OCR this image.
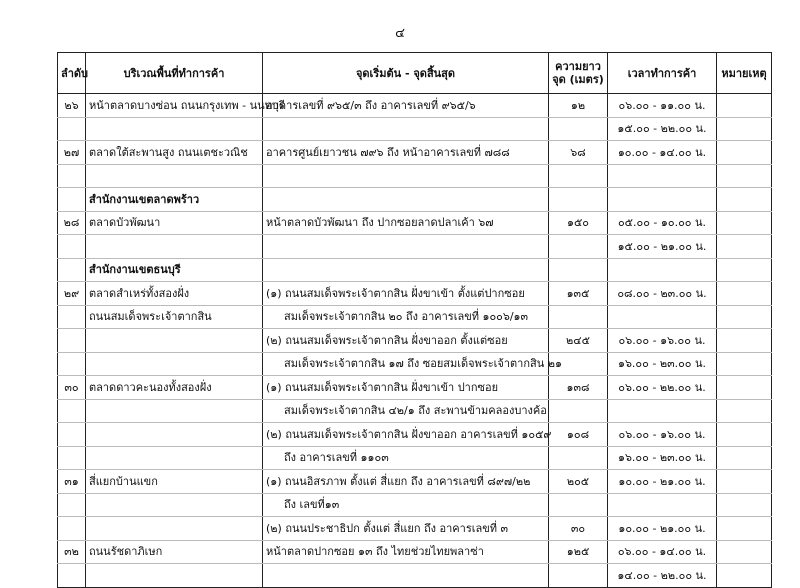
๔
ลำดับ	บริเวณพื้นที่ทำการค้า	จุดเริ่มต้น - จุดสิ้นสุด	ความยาวจุด (เมตร)	เวลาทำการค้า	หมายเหตุ
๒๖	หน้าตลาดบางซ่อน ถนนกรุงเทพ - นนทบุรี	อาคารเลขที่ ๙๖๕/๓ ถึง อาคารเลขที่ ๙๖๕/๖	๑๒	๐๖.๐๐ - ๑๑.๐๐ น.	
				๑๕.๐๐ - ๒๒.๐๐ น.	
๒๗	ตลาดใต้สะพานสูง ถนนเตชะวณิช	อาคารศูนย์เยาวชน ๗๙๖ ถึง หน้าอาคารเลขที่ ๗๘๘	๖๘	๑๐.๐๐ - ๑๔.๐๐ น.	

	สำนักงานเขตลาดพร้าว				
๒๘	ตลาดบัวพัฒนา	หน้าตลาดบัวพัฒนา ถึง ปากซอยลาดปลาเค้า ๖๗	๑๕๐	๐๕.๐๐ - ๑๐.๐๐ น.	
				๑๕.๐๐ - ๒๑.๐๐ น.	
	สำนักงานเขตธนบุรี				
๒๙	ตลาดสำเหร่ทั้งสองฝั่ง	(๑) ถนนสมเด็จพระเจ้าตากสิน ฝั่งขาเข้า ตั้งแต่ปากซอย	๑๓๕	๐๘.๐๐ - ๒๓.๐๐ น.	
	ถนนสมเด็จพระเจ้าตากสิน	สมเด็จพระเจ้าตากสิน ๒๐ ถึง อาคารเลขที่ ๑๐๐๖/๑๓			
		(๒) ถนนสมเด็จพระเจ้าตากสิน ฝั่งขาออก ตั้งแต่ซอย	๒๔๕	๐๖.๐๐ - ๑๖.๐๐ น.	
		สมเด็จพระเจ้าตากสิน ๑๗ ถึง ซอยสมเด็จพระเจ้าตากสิน ๒๑		๑๖.๐๐ - ๒๓.๐๐ น.	
๓๐	ตลาดดาวคะนองทั้งสองฝั่ง	(๑) ถนนสมเด็จพระเจ้าตากสิน ฝั่งขาเข้า ปากซอย	๑๓๘	๐๖.๐๐ - ๒๒.๐๐ น.	
		สมเด็จพระเจ้าตากสิน ๔๒/๑ ถึง สะพานข้ามคลองบางค้อ			
		(๒) ถนนสมเด็จพระเจ้าตากสิน ฝั่งขาออก อาคารเลขที่ ๑๐๕๙	๑๐๘	๐๖.๐๐ - ๑๖.๐๐ น.	
		ถึง อาคารเลขที่ ๑๑๐๓		๑๖.๐๐ - ๒๓.๐๐ น.	
๓๑	สี่แยกบ้านแขก	(๑) ถนนอิสรภาพ ตั้งแต่ สี่แยก ถึง อาคารเลขที่ ๘๙๗/๒๒	๒๐๕	๑๐.๐๐ - ๒๑.๐๐ น.	
		ถึง เลขที่๑๓			
		(๒) ถนนประชาธิปก ตั้งแต่ สี่แยก ถึง อาคารเลขที่ ๓	๓๐	๑๐.๐๐ - ๒๑.๐๐ น.	
๓๒	ถนนรัชดาภิเษก	หน้าตลาดปากซอย ๑๓ ถึง ไทยช่วยไทยพลาซ่า	๑๒๕	๐๖.๐๐ - ๑๔.๐๐ น.	
				๑๔.๐๐ - ๒๒.๐๐ น.	
